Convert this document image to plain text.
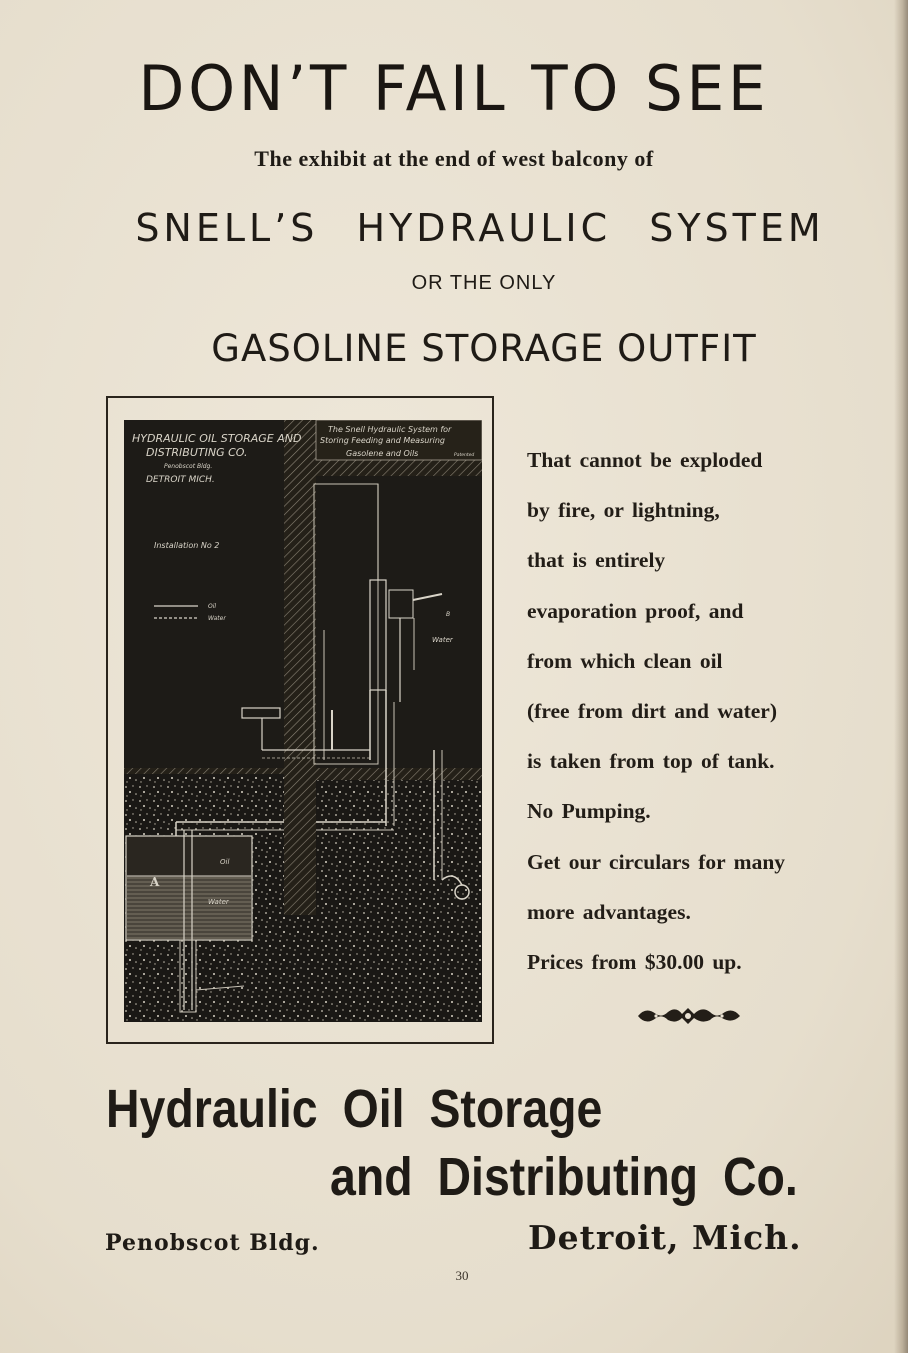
DON’T FAIL TO SEE
The exhibit at the end of west balcony of
SNELL’S HYDRAULIC SYSTEM
OR THE ONLY
GASOLINE STORAGE OUTFIT
HYDRAULIC OIL STORAGE AND
DISTRIBUTING CO.
Penobscot Bldg.
DETROIT MICH.
The Snell Hydraulic System for
Storing Feeding and Measuring
Gasolene and Oils	Patented
Installation No 2
Oil
Water
Water
B
Oil
Water
A
That cannot be exploded
by fire, or lightning,
that is entirely
evaporation proof, and
from which clean oil
(free from dirt and water)
is taken from top of tank.
No Pumping.
Get our circulars for many
more advantages.
Prices from $30.00 up.
Hydraulic Oil Storage
and Distributing Co.
Penobscot Bldg.	Detroit, Mich.
30
